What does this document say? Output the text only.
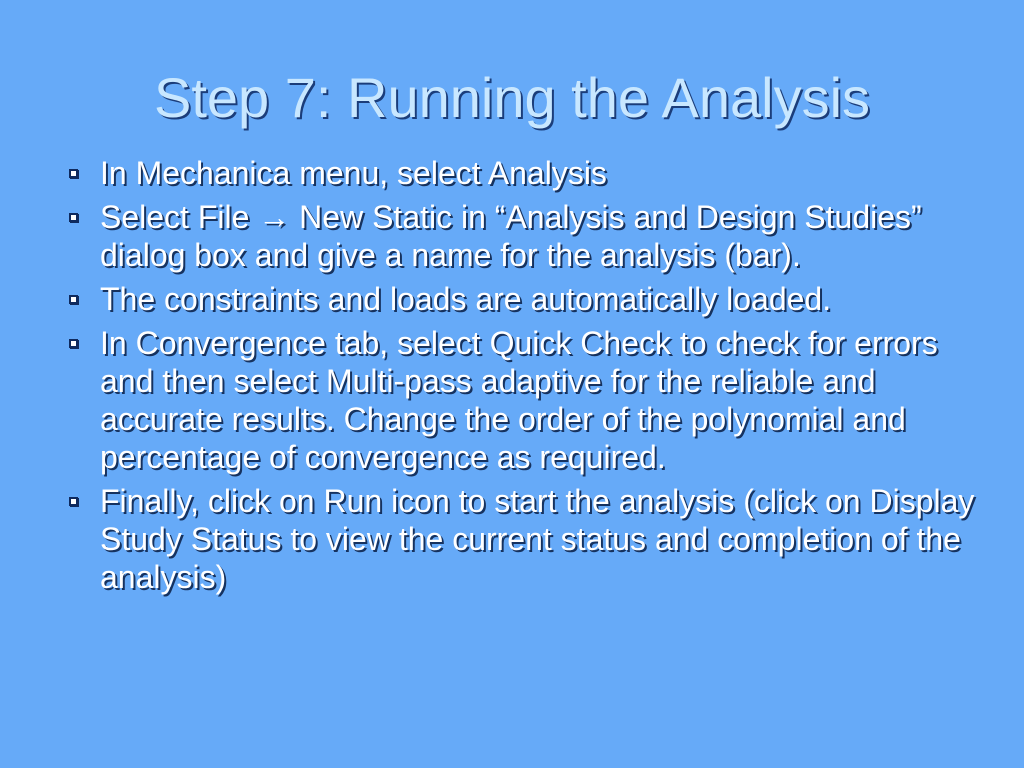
Step 7: Running the Analysis
In Mechanica menu, select Analysis
Select File → New Static in “Analysis and Design Studies” dialog box and give a name for the analysis (bar).
The constraints and loads are automatically loaded.
In Convergence tab, select Quick Check to check for errors and then select Multi-pass adaptive for the reliable and accurate results. Change the order of the polynomial and percentage of convergence as required.
Finally, click on Run icon to start the analysis (click on Display Study Status to view the current status and completion of the analysis)
